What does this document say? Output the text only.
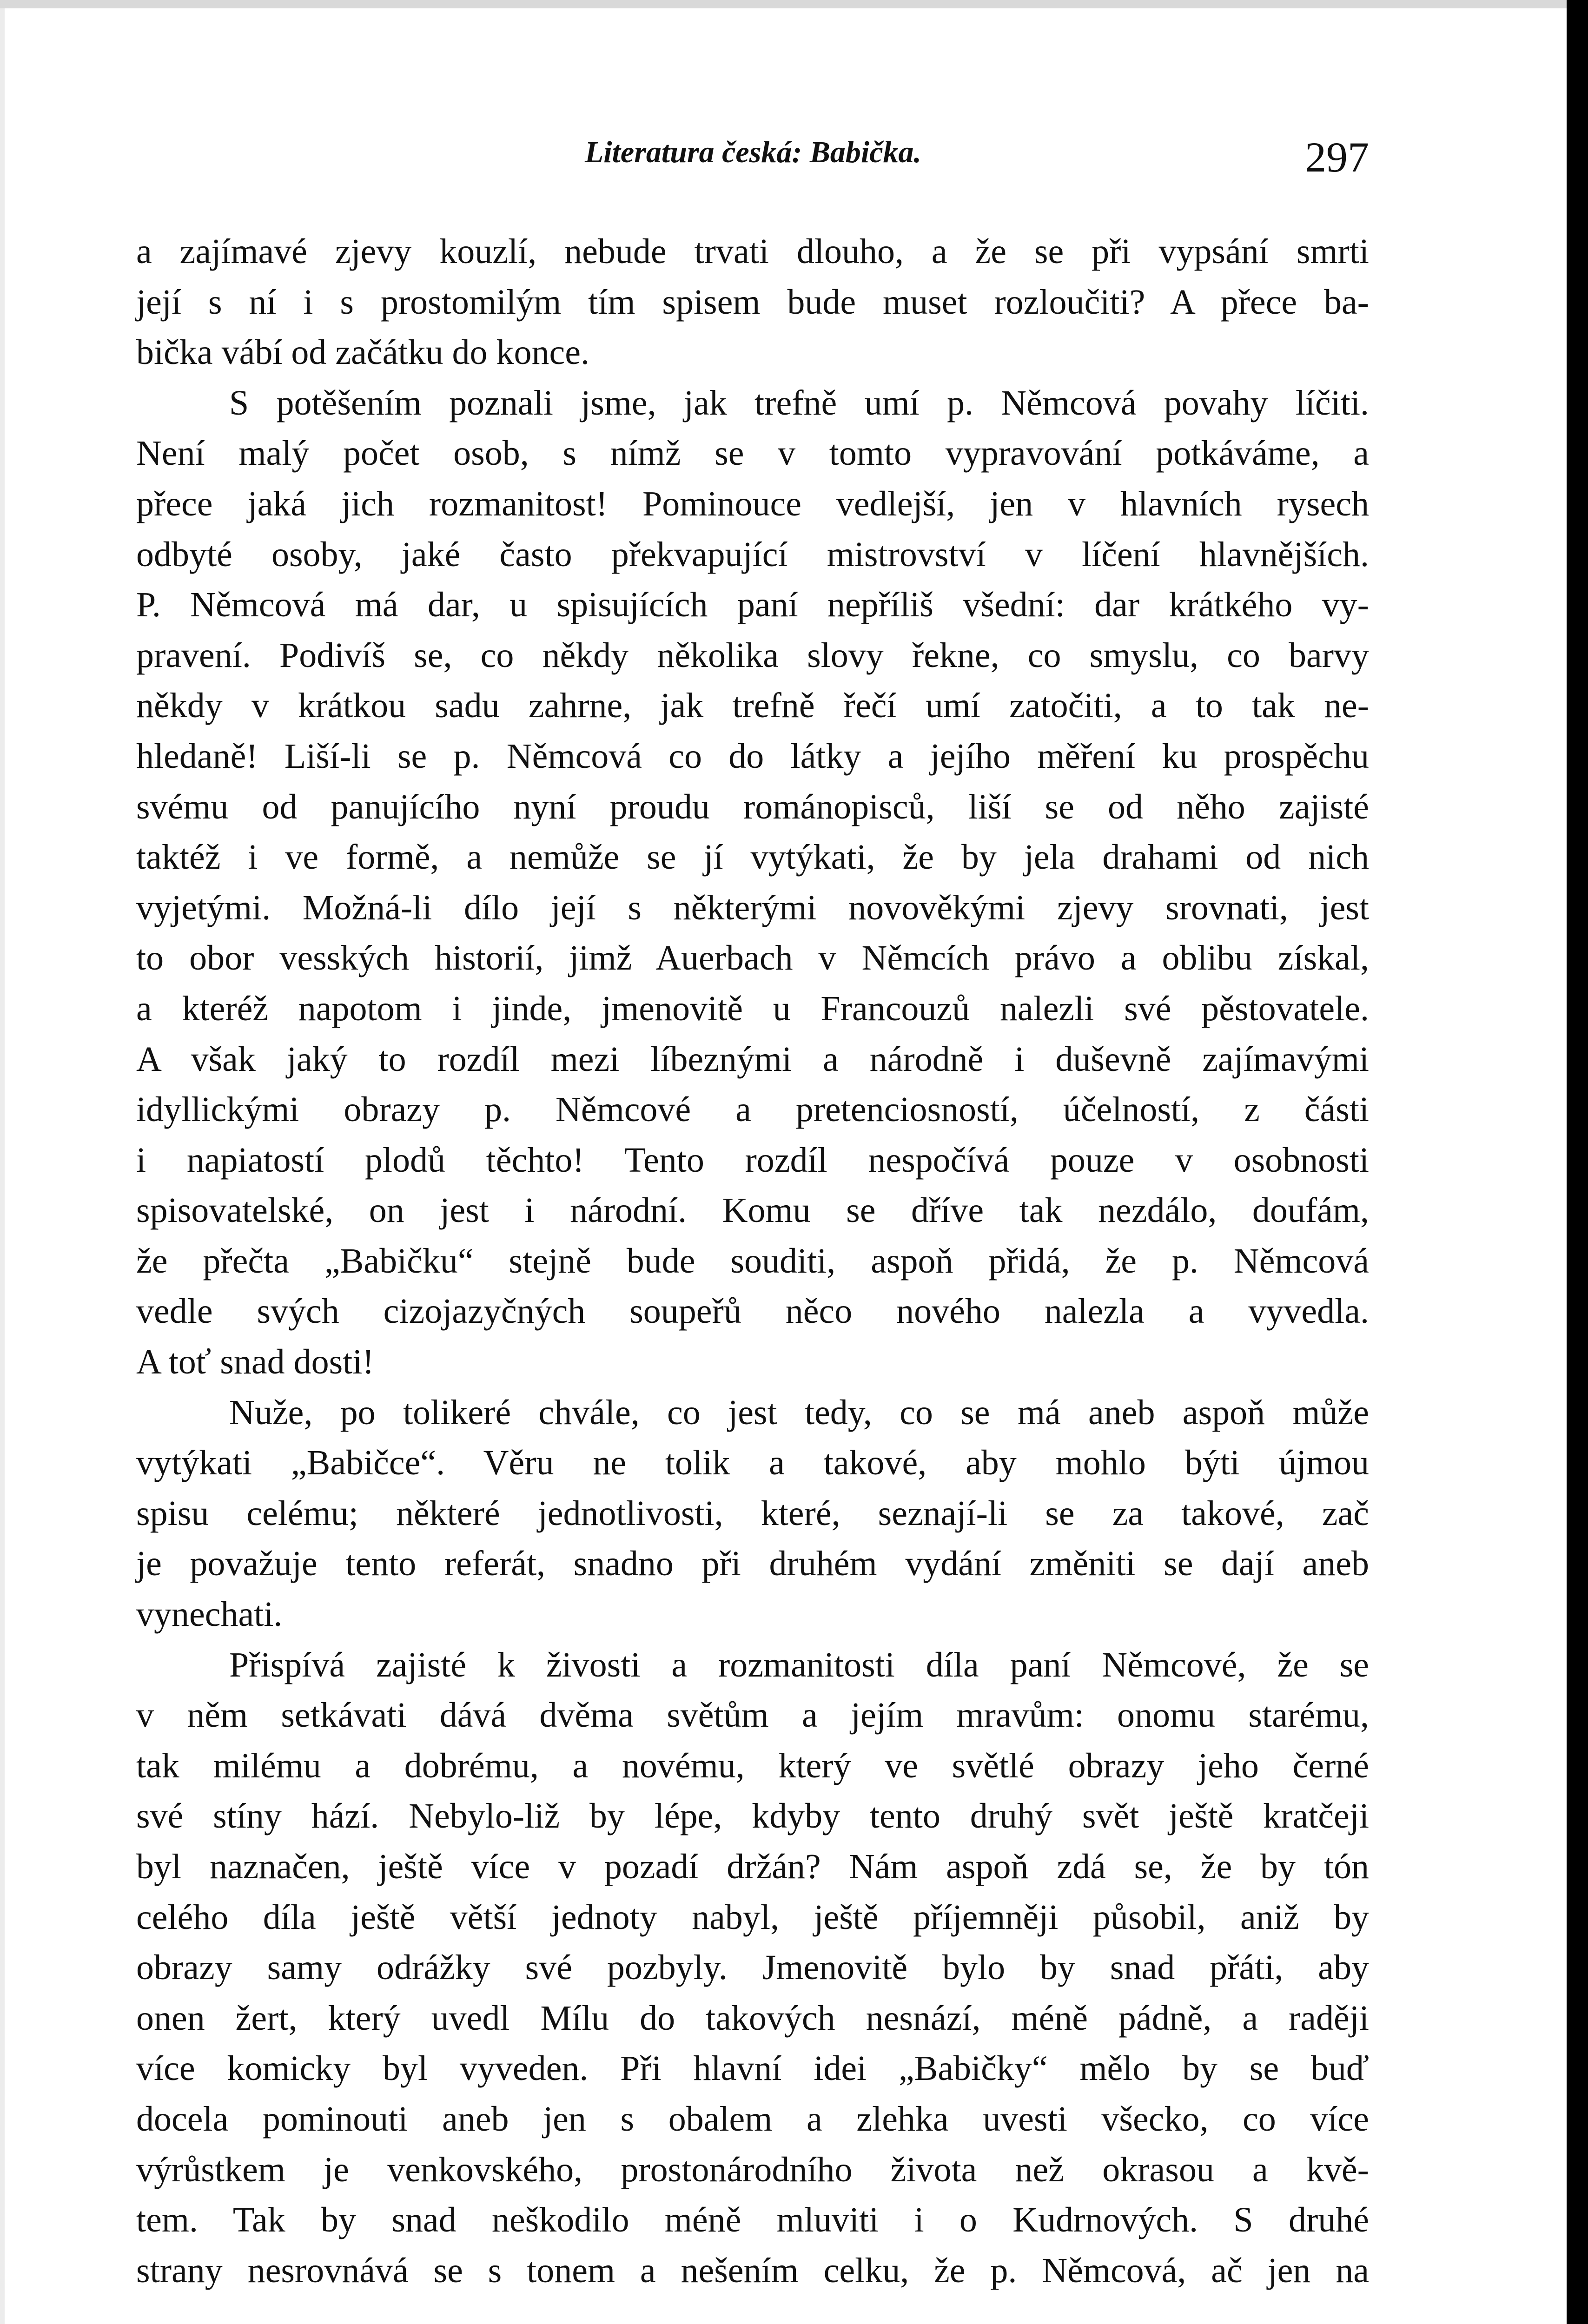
Literatura česká: Babička.	297
a zajímavé zjevy kouzlí, nebude trvati dlouho, a že se při vypsání smrti
její s ní i s prostomilým tím spisem bude muset rozloučiti? A přece ba-
bička vábí od začátku do konce.
S potěšením poznali jsme, jak trefně umí p. Němcová povahy líčiti.
Není malý počet osob, s nímž se v tomto vypravování potkáváme, a
přece jaká jich rozmanitost! Pominouce vedlejší, jen v hlavních rysech
odbyté osoby, jaké často překvapující mistrovství v líčení hlavnějších.
P. Němcová má dar, u spisujících paní nepříliš všední: dar krátkého vy-
pravení. Podivíš se, co někdy několika slovy řekne, co smyslu, co barvy
někdy v krátkou sadu zahrne, jak trefně řečí umí zatočiti, a to tak ne-
hledaně! Liší-li se p. Němcová co do látky a jejího měření ku prospěchu
svému od panujícího nyní proudu románopisců, liší se od něho zajisté
taktéž i ve formě, a nemůže se jí vytýkati, že by jela drahami od nich
vyjetými. Možná-li dílo její s některými novověkými zjevy srovnati, jest
to obor vesských historií, jimž Auerbach v Němcích právo a oblibu získal,
a kteréž napotom i jinde, jmenovitě u Francouzů nalezli své pěstovatele.
A však jaký to rozdíl mezi líbeznými a národně i duševně zajímavými
idyllickými obrazy p. Němcové a pretenciosností, účelností, z části
i napiatostí plodů těchto! Tento rozdíl nespočívá pouze v osobnosti
spisovatelské, on jest i národní. Komu se dříve tak nezdálo, doufám,
že přečta „Babičku“ stejně bude souditi, aspoň přidá, že p. Němcová
vedle svých cizojazyčných soupeřů něco nového nalezla a vyvedla.
A toť snad dosti!
Nuže, po tolikeré chvále, co jest tedy, co se má aneb aspoň může
vytýkati „Babičce“. Věru ne tolik a takové, aby mohlo býti újmou
spisu celému; některé jednotlivosti, které, seznají-li se za takové, zač
je považuje tento referát, snadno při druhém vydání změniti se dají aneb
vynechati.
Přispívá zajisté k živosti a rozmanitosti díla paní Němcové, že se
v něm setkávati dává dvěma světům a jejím mravům: onomu starému,
tak milému a dobrému, a novému, který ve světlé obrazy jeho černé
své stíny hází. Nebylo-liž by lépe, kdyby tento druhý svět ještě kratčeji
byl naznačen, ještě více v pozadí držán? Nám aspoň zdá se, že by tón
celého díla ještě větší jednoty nabyl, ještě příjemněji působil, aniž by
obrazy samy odrážky své pozbyly. Jmenovitě bylo by snad přáti, aby
onen žert, který uvedl Mílu do takových nesnází, méně pádně, a raději
více komicky byl vyveden. Při hlavní idei „Babičky“ mělo by se buď
docela pominouti aneb jen s obalem a zlehka uvesti všecko, co více
výrůstkem je venkovského, prostonárodního života než okrasou a kvě-
tem. Tak by snad neškodilo méně mluviti i o Kudrnových. S druhé
strany nesrovnává se s tonem a nešením celku, že p. Němcová, ač jen na
